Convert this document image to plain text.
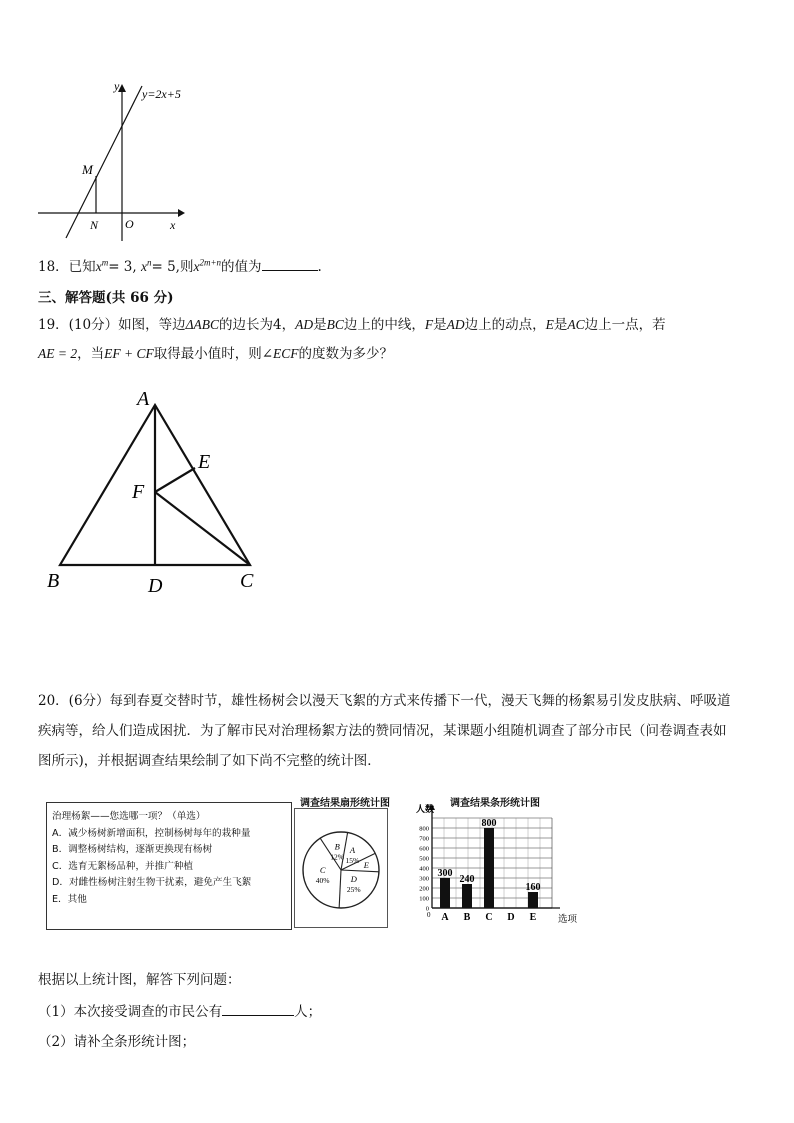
y=2x+5
y
x
M
N O
18．已知$x^m= 3$, $x^n= 5$,则$x^{2m+n}$的值为	.
三、解答题(共 66 分)
19．(10分）如图，等边ΔABC的边长为4，AD是BC边上的中线，F是AD边上的动点，E是AC边上一点，若
AE = 2，当EF + CF取得最小值时，则∠ECF的度数为多少？
A
B	C
D
E
F
20．(6分）每到春夏交替时节，雄性杨树会以漫天飞絮的方式来传播下一代，漫天飞舞的杨絮易引发皮肤病、呼吸道
疾病等，给人们造成困扰．为了解市民对治理杨絮方法的赞同情况，某课题小组随机调查了部分市民（问卷调查表如
图所示)，并根据调查结果绘制了如下尚不完整的统计图．
治理杨絮——您选哪一项？（单选）
A．减少杨树新增面积，控制杨树每年的栽种量
B．调整杨树结构，逐渐更换现有杨树
C．选育无絮杨品种，并推广种植
D．对雌性杨树注射生物干扰素，避免产生飞絮
E．其他
调查结果扇形统计图
A
15% E
D
25%
C
40%
B
12%
调查结果条形统计图
0
100
200
300
400
500
600
700
800
人数
0	选项
300
A
240
B
800
C D
160
E
根据以上统计图，解答下列问题：
（1）本次接受调查的市民公有	人；
（2）请补全条形统计图；
